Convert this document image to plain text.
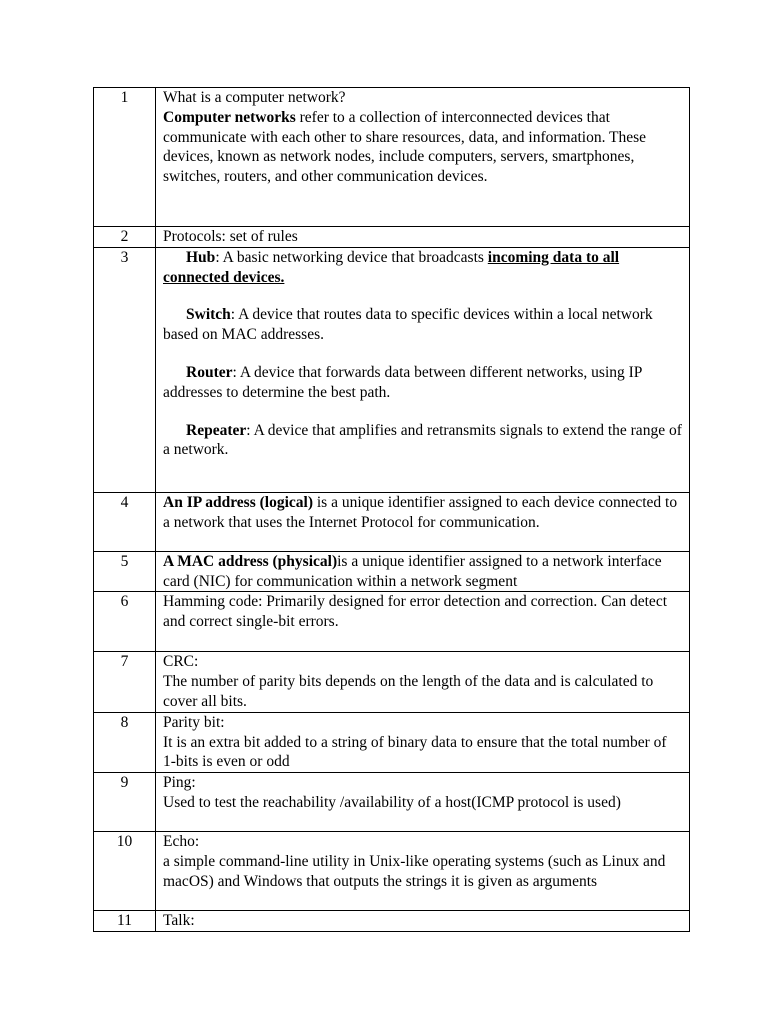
1	What is a computer network?
Computer networks refer to a collection of interconnected devices that communicate with each other to share resources, data, and information. These devices, known as network nodes, include computers, servers, smartphones, switches, routers, and other communication devices.
2	Protocols: set of rules
3	Hub: A basic networking device that broadcasts incoming data to all connected devices.
Switch: A device that routes data to specific devices within a local network based on MAC addresses.
Router: A device that forwards data between different networks, using IP addresses to determine the best path.
Repeater: A device that amplifies and retransmits signals to extend the range of a network.

4	An IP address (logical) is a unique identifier assigned to each device connected to a network that uses the Internet Protocol for communication.
5	A MAC address (physical)is a unique identifier assigned to a network interface card (NIC) for communication within a network segment
6	Hamming code: Primarily designed for error detection and correction. Can detect and correct single-bit errors.
7	CRC:
The number of parity bits depends on the length of the data and is calculated to cover all bits.
8	Parity bit:
It is an extra bit added to a string of binary data to ensure that the total number of 1-bits is even or odd
9	Ping:
Used to test the reachability /availability of a host(ICMP protocol is used)
10	Echo:
a simple command-line utility in Unix-like operating systems (such as Linux and macOS) and Windows that outputs the strings it is given as arguments
11	Talk:
